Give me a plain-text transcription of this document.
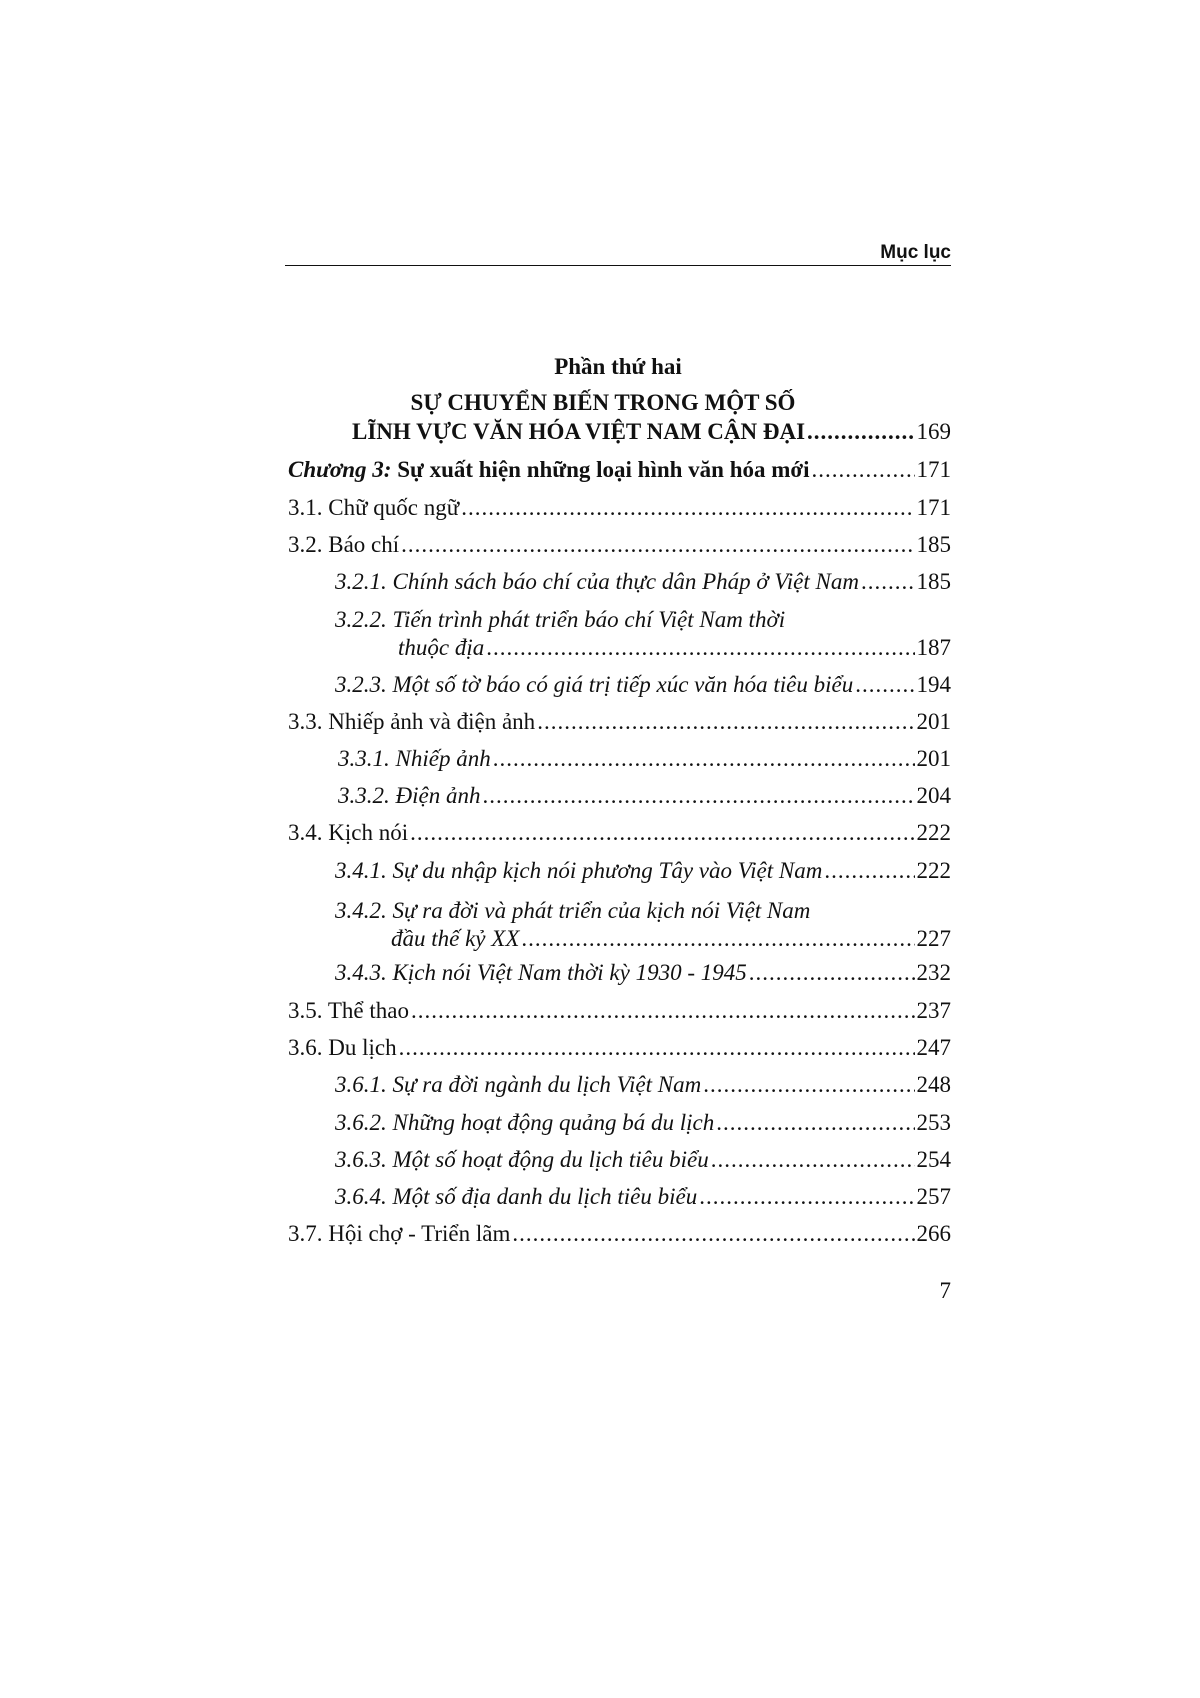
Mục lục
Phần thứ hai
SỰ CHUYỂN BIẾN TRONG MỘT SỐ
LĨNH VỰC VĂN HÓA VIỆT NAM CẬN ĐẠI .....	169
Chương 3: Sự xuất hiện những loại hình văn hóa mới .....	171
3.1. Chữ quốc ngữ .....	171
3.2. Báo chí .....	185
3.2.1. Chính sách báo chí của thực dân Pháp ở Việt Nam .....	185
3.2.2. Tiến trình phát triển báo chí Việt Nam thời
thuộc địa .....	187
3.2.3. Một số tờ báo có giá trị tiếp xúc văn hóa tiêu biểu .....	194
3.3. Nhiếp ảnh và điện ảnh .....	201
3.3.1. Nhiếp ảnh .....	201
3.3.2. Điện ảnh .....	204
3.4. Kịch nói .....	222
3.4.1. Sự du nhập kịch nói phương Tây vào Việt Nam .....	222
3.4.2. Sự ra đời và phát triển của kịch nói Việt Nam
đầu thế kỷ XX .....	227
3.4.3. Kịch nói Việt Nam thời kỳ 1930 - 1945 .....	232
3.5. Thể thao .....	237
3.6. Du lịch .....	247
3.6.1. Sự ra đời ngành du lịch Việt Nam .....	248
3.6.2. Những hoạt động quảng bá du lịch .....	253
3.6.3. Một số hoạt động du lịch tiêu biểu .....	254
3.6.4. Một số địa danh du lịch tiêu biểu .....	257
3.7. Hội chợ - Triển lãm .....	266
7
